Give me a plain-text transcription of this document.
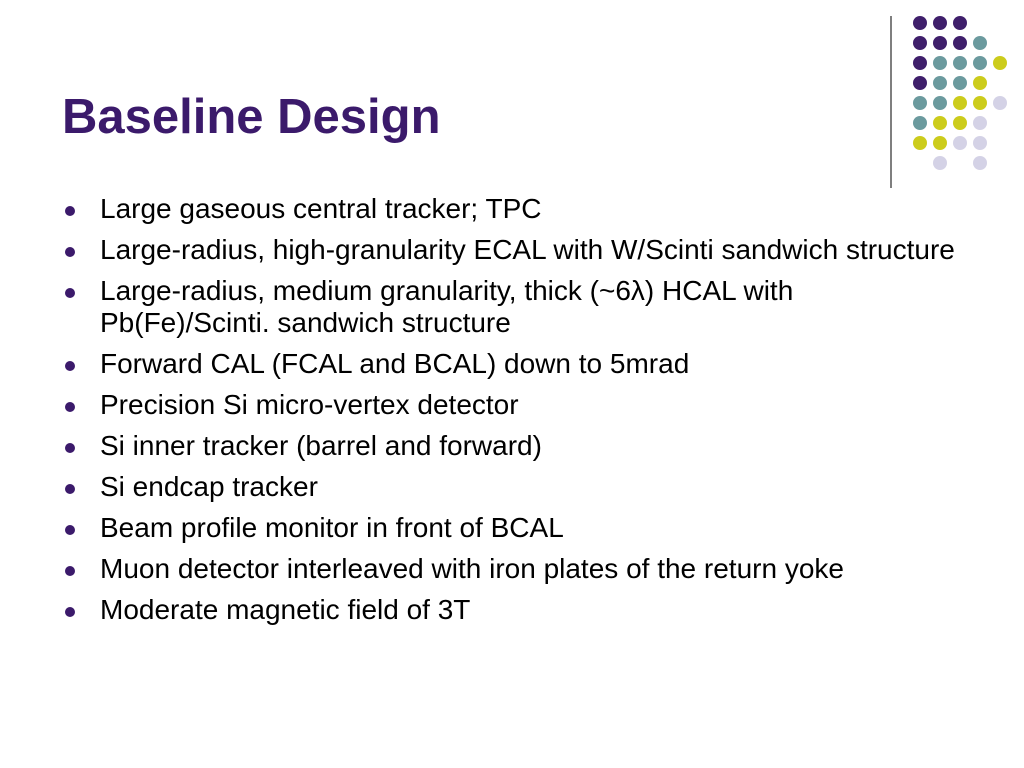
Baseline Design
Large gaseous central tracker; TPC
Large-radius, high-granularity ECAL with W/Scinti sandwich structure
Large-radius, medium granularity, thick (~6λ) HCAL with Pb(Fe)/Scinti. sandwich structure
Forward CAL (FCAL and BCAL) down to 5mrad
Precision Si micro-vertex detector
Si inner tracker (barrel and forward)
Si endcap tracker
Beam profile monitor in front of BCAL
Muon detector interleaved with iron plates of the return yoke
Moderate magnetic field of 3T
